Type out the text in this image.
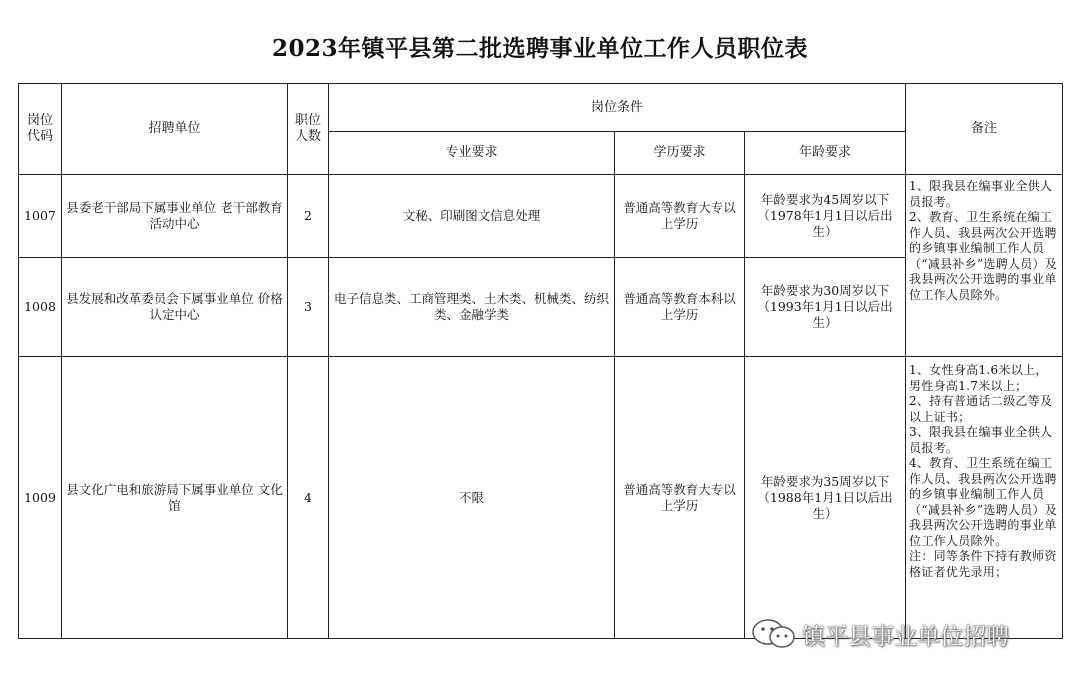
2023年镇平县第二批选聘事业单位工作人员职位表
岗位代码	招聘单位	职位人数	岗位条件			备注
			专业要求	学历要求	年龄要求	
1007	县委老干部局下属事业单位 老干部教育活动中心	2	文秘、印刷图文信息处理	普通高等教育大专以上学历	年龄要求为45周岁以下（1978年1月1日以后出生）	1、限我县在编事业全供人员报考。
2、教育、卫生系统在编工作人员、我县两次公开选聘的乡镇事业编制工作人员（“减县补乡”选聘人员）及我县两次公开选聘的事业单位工作人员除外。

1008	县发展和改革委员会下属事业单位 价格认定中心	3	电子信息类、工商管理类、土木类、机械类、纺织类、金融学类	普通高等教育本科以上学历	年龄要求为30周岁以下（1993年1月1日以后出生）	
1009	县文化广电和旅游局下属事业单位 文化馆	4	不限	普通高等教育大专以上学历	年龄要求为35周岁以下（1988年1月1日以后出生）	1、女性身高1.6米以上，男性身高1.7米以上；
2、持有普通话二级乙等及以上证书；
3、限我县在编事业全供人员报考。
4、教育、卫生系统在编工作人员、我县两次公开选聘的乡镇事业编制工作人员（“减县补乡”选聘人员）及我县两次公开选聘的事业单位工作人员除外。
注：同等条件下持有教师资格证者优先录用；
镇平县事业单位招聘
